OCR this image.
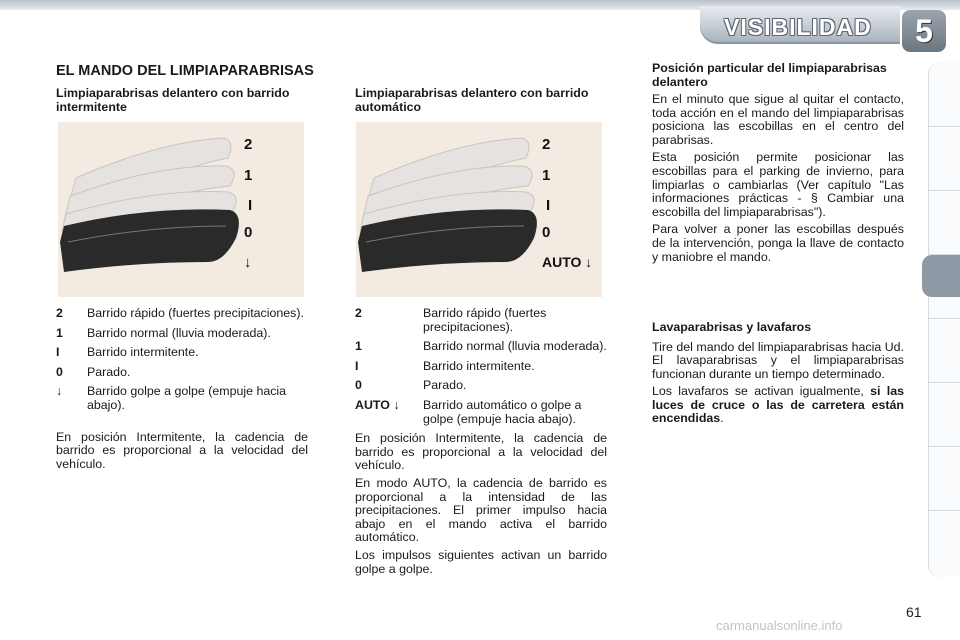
VISIBILIDAD	5
EL MANDO DEL LIMPIAPARABRISAS
Limpiaparabrisas delantero con barrido intermitente
2
1
I
0
↓
2 Barrido rápido (fuertes precipitaciones).
1 Barrido normal (lluvia moderada).
I Barrido intermitente.
0 Parado.
↓ Barrido golpe a golpe (empuje hacia abajo).
En posición Intermitente, la cadencia de barrido es proporcional a la velocidad del vehículo.
Limpiaparabrisas delantero con barrido automático
2
1
I
0
AUTO ↓
2	Barrido rápido (fuertes precipitaciones).
1	Barrido normal (lluvia moderada).
I	Barrido intermitente.
0	Parado.
AUTO ↓ Barrido automático o golpe a golpe (empuje hacia abajo).
En posición Intermitente, la cadencia de barrido es proporcional a la velocidad del vehículo.
En modo AUTO, la cadencia de barrido es proporcional a la intensidad de las precipitaciones. El primer impulso hacia abajo en el mando activa el barrido automático.
Los impulsos siguientes activan un barrido golpe a golpe.
Posición particular del limpiaparabrisas delantero

En el minuto que sigue al quitar el contacto, toda acción en el mando del limpiaparabrisas posiciona las escobillas en el centro del parabrisas.

Esta posición permite posicionar las escobillas para el parking de invierno, para limpiarlas o cambiarlas (Ver capítulo "Las informaciones prácticas - § Cambiar una escobilla del limpiaparabrisas").

Para volver a poner las escobillas después de la intervención, ponga la llave de contacto y maniobre el mando.

Lavaparabrisas y lavafaros

Tire del mando del limpiaparabrisas hacia Ud. El lavaparabrisas y el limpiaparabrisas funcionan durante un tiempo determinado.

Los lavafaros se activan igualmente, si las luces de cruce o las de carretera están encendidas.

61
carmanualsonline.info
